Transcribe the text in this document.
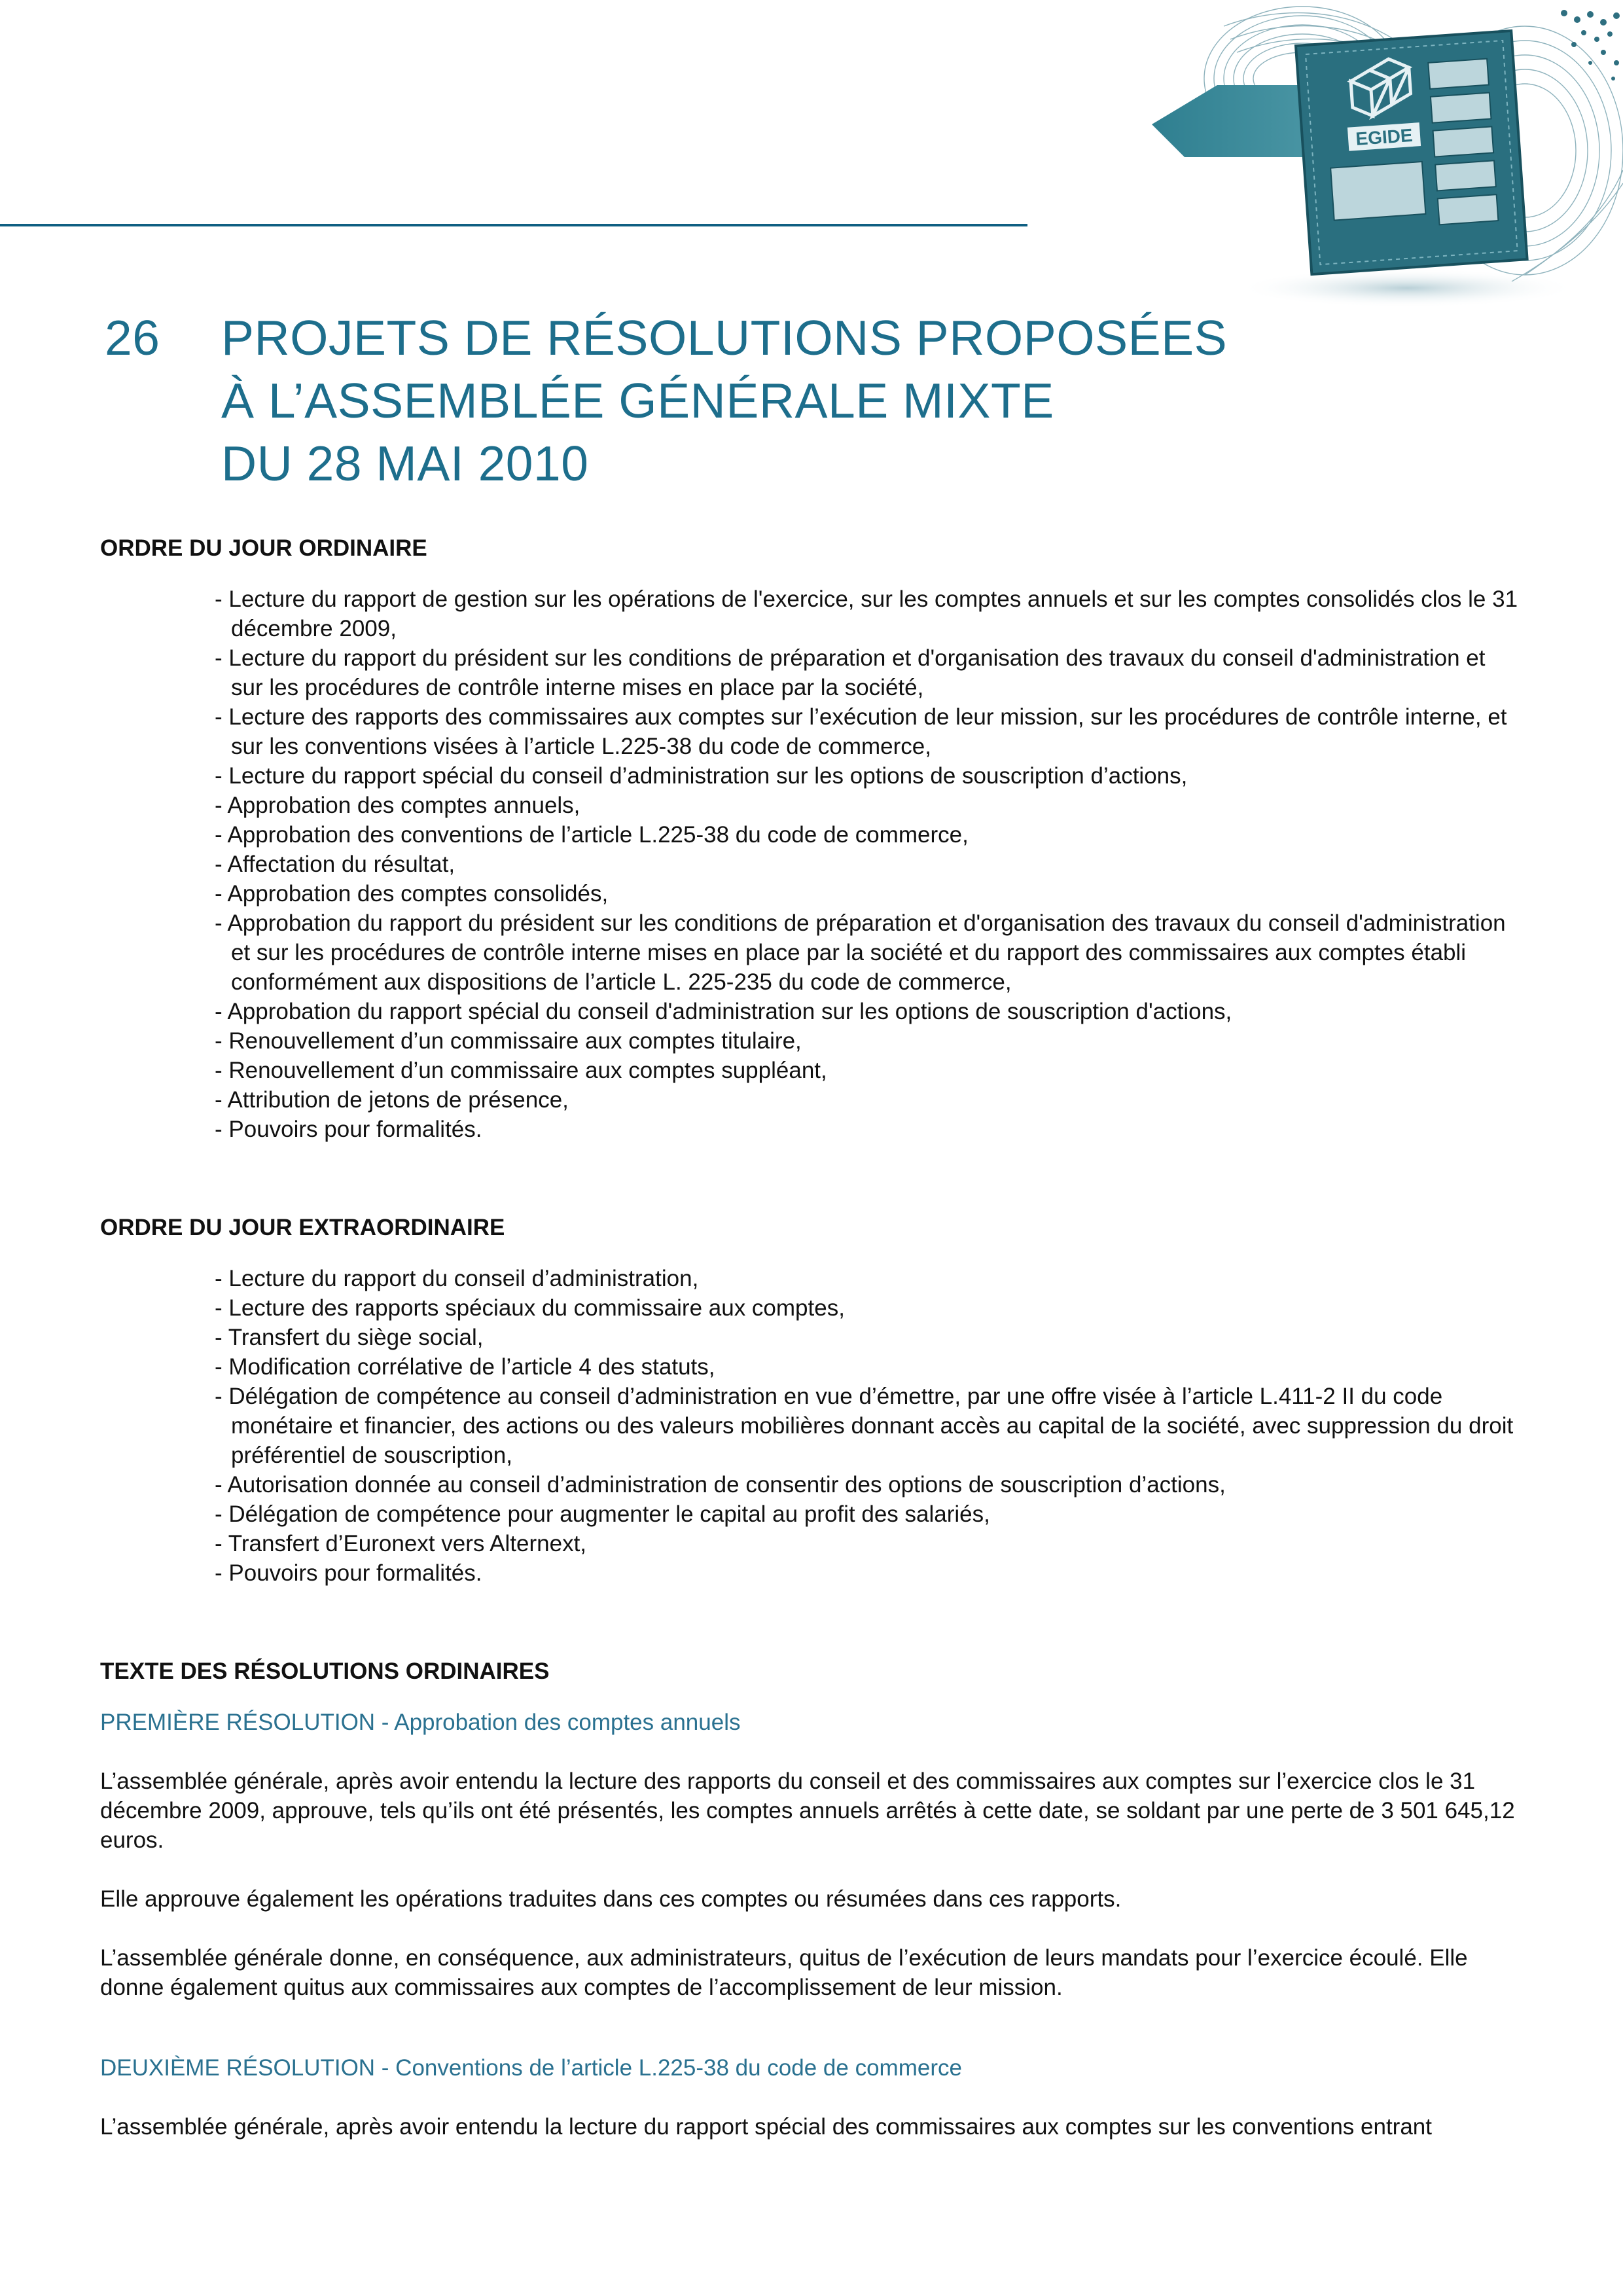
EGIDE
26 PROJETS DE RÉSOLUTIONS PROPOSÉES
À L’ASSEMBLÉE GÉNÉRALE MIXTE
DU 28 MAI 2010

ORDRE DU JOUR ORDINAIRE

- Lecture du rapport de gestion sur les opérations de l'exercice, sur les comptes annuels et sur les comptes consolidés clos le 31 décembre 2009,
- Lecture du rapport du président sur les conditions de préparation et d'organisation des travaux du conseil d'administration et sur les procédures de contrôle interne mises en place par la société,
- Lecture des rapports des commissaires aux comptes sur l’exécution de leur mission, sur les procédures de contrôle interne, et sur les conventions visées à l’article L.225-38 du code de commerce,
- Lecture du rapport spécial du conseil d’administration sur les options de souscription d’actions,
- Approbation des comptes annuels,
- Approbation des conventions de l’article L.225-38 du code de commerce,
- Affectation du résultat,
- Approbation des comptes consolidés,
- Approbation du rapport du président sur les conditions de préparation et d'organisation des travaux du conseil d'administration et sur les procédures de contrôle interne mises en place par la société et du rapport des commissaires aux comptes établi conformément aux dispositions de l’article L. 225-235 du code de commerce,
- Approbation du rapport spécial du conseil d'administration sur les options de souscription d'actions,
- Renouvellement d’un commissaire aux comptes titulaire,
- Renouvellement d’un commissaire aux comptes suppléant,
- Attribution de jetons de présence,
- Pouvoirs pour formalités.

ORDRE DU JOUR EXTRAORDINAIRE

- Lecture du rapport du conseil d’administration,
- Lecture des rapports spéciaux du commissaire aux comptes,
- Transfert du siège social,
- Modification corrélative de l’article 4 des statuts,
- Délégation de compétence au conseil d’administration en vue d’émettre, par une offre visée à l’article L.411-2 II du code monétaire et financier, des actions ou des valeurs mobilières donnant accès au capital de la société, avec suppression du droit préférentiel de souscription,
- Autorisation donnée au conseil d’administration de consentir des options de souscription d’actions,
- Délégation de compétence pour augmenter le capital au profit des salariés,
- Transfert d’Euronext vers Alternext,
- Pouvoirs pour formalités.

TEXTE DES RÉSOLUTIONS ORDINAIRES

PREMIÈRE RÉSOLUTION - Approbation des comptes annuels

L’assemblée générale, après avoir entendu la lecture des rapports du conseil et des commissaires aux comptes sur l’exercice clos le 31 décembre 2009, approuve, tels qu’ils ont été présentés, les comptes annuels arrêtés à cette date, se soldant par une perte de 3 501 645,12 euros.

Elle approuve également les opérations traduites dans ces comptes ou résumées dans ces rapports.

L’assemblée générale donne, en conséquence, aux administrateurs, quitus de l’exécution de leurs mandats pour l’exercice écoulé. Elle donne également quitus aux commissaires aux comptes de l’accomplissement de leur mission.

DEUXIÈME RÉSOLUTION - Conventions de l’article L.225-38 du code de commerce

L’assemblée générale, après avoir entendu la lecture du rapport spécial des commissaires aux comptes sur les conventions entrant
